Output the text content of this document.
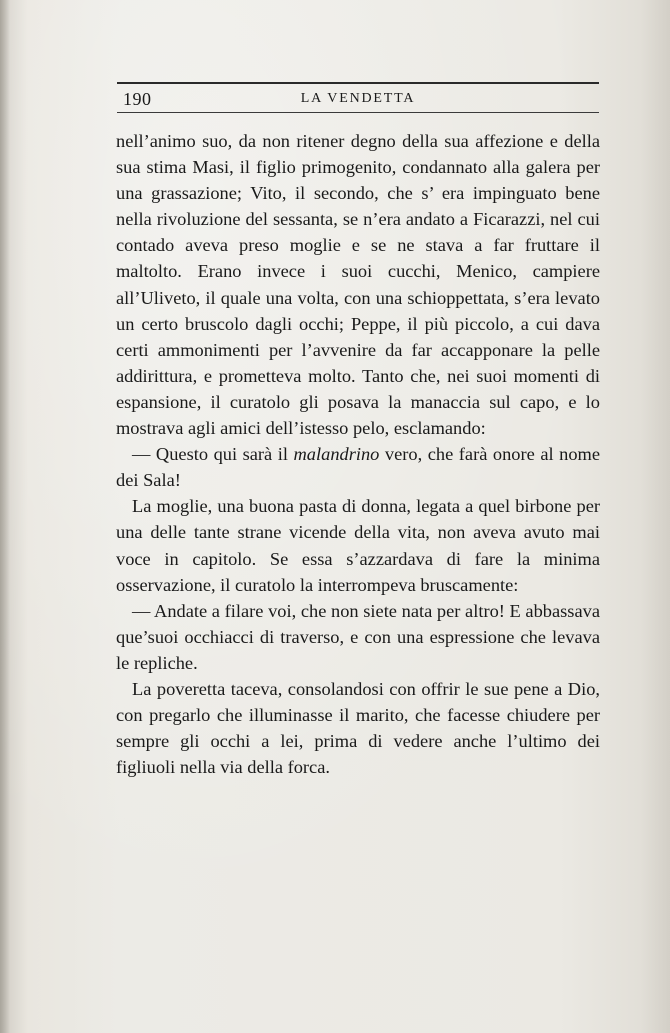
190	LA VENDETTA

nell’animo suo, da non ritener degno della sua affezione e della sua stima Masi, il figlio primogenito, condannato alla galera per una grassazione; Vito, il secondo, che s’ era impinguato bene nella rivoluzione del sessanta, se n’era andato a Ficarazzi, nel cui contado aveva preso moglie e se ne stava a far fruttare il maltolto. Erano invece i suoi cucchi, Menico, campiere all’Uliveto, il quale una volta, con una schioppettata, s’era levato un certo bruscolo dagli occhi; Peppe, il più piccolo, a cui dava certi ammonimenti per l’avvenire da far accapponare la pelle addirittura, e prometteva molto. Tanto che, nei suoi momenti di espansione, il curatolo gli posava la manaccia sul capo, e lo mostrava agli amici dell’istesso pelo, esclamando:

— Questo qui sarà il malandrino vero, che farà onore al nome dei Sala!

La moglie, una buona pasta di donna, legata a quel birbone per una delle tante strane vicende della vita, non aveva avuto mai voce in capitolo. Se essa s’azzardava di fare la minima osservazione, il curatolo la interrompeva bruscamente:

— Andate a filare voi, che non siete nata per altro! E abbassava que’suoi occhiacci di traverso, e con una espressione che levava le repliche.

La poveretta taceva, consolandosi con offrir le sue pene a Dio, con pregarlo che illuminasse il marito, che facesse chiudere per sempre gli occhi a lei, prima di vedere anche l’ultimo dei figliuoli nella via della forca.
